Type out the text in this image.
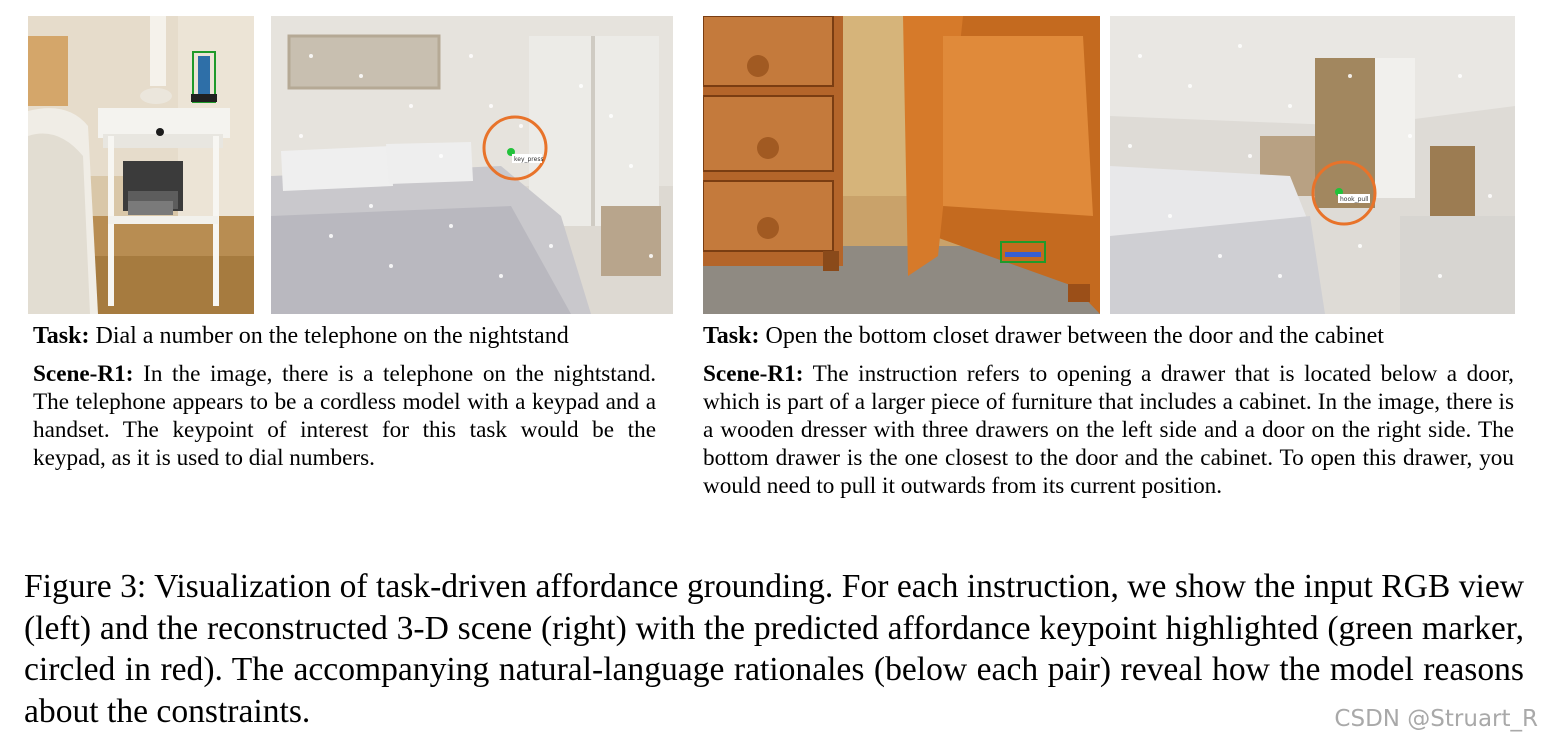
key_press
hook_pull
Task: Dial a number on the telephone on the nightstand
Scene-R1: In the image, there is a telephone on the nightstand. The telephone appears to be a cordless model with a keypad and a handset. The keypoint of interest for this task would be the keypad, as it is used to dial numbers.
Task: Open the bottom closet drawer between the door and the cabinet
Scene-R1: The instruction refers to opening a drawer that is located below a door, which is part of a larger piece of furniture that includes a cabinet. In the image, there is a wooden dresser with three drawers on the left side and a door on the right side. The bottom drawer is the one closest to the door and the cabinet. To open this drawer, you would need to pull it outwards from its current position.
Figure 3: Visualization of task-driven affordance grounding. For each instruction, we show the input RGB view (left) and the reconstructed 3-D scene (right) with the predicted affordance keypoint highlighted (green marker, circled in red). The accompanying natural-language rationales (below each pair) reveal how the model reasons about the constraints.	CSDN @Struart_R
